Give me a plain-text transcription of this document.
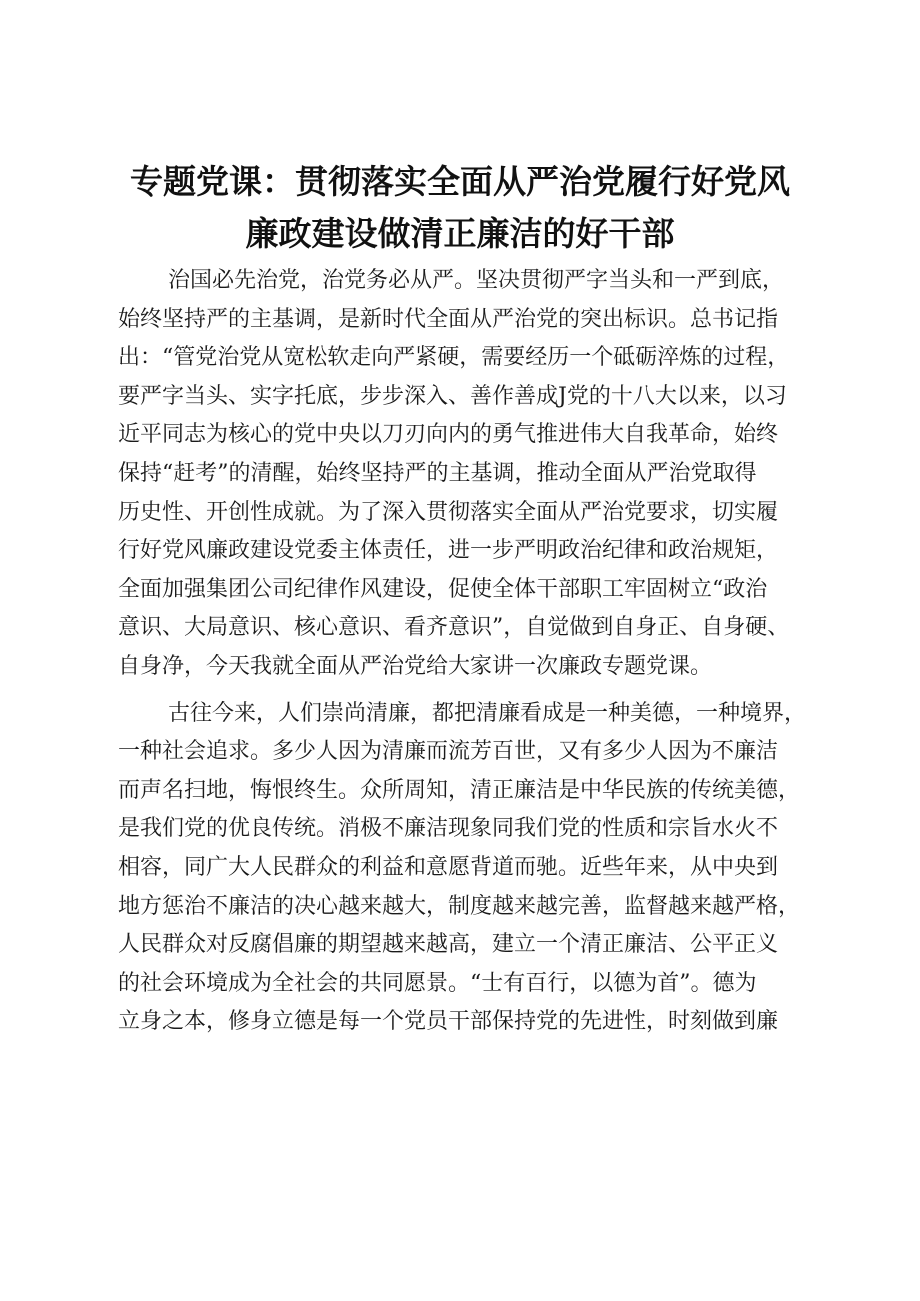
专题党课：贯彻落实全面从严治党履行好党风
廉政建设做清正廉洁的好干部

治国必先治党，治党务必从严。坚决贯彻严字当头和一严到底，
始终坚持严的主基调，是新时代全面从严治党的突出标识。总书记指
出：“管党治党从宽松软走向严紧硬，需要经历一个砥砺淬炼的过程，
要严字当头、实字托底，步步深入、善作善成J党的十八大以来，以习
近平同志为核心的党中央以刀刃向内的勇气推进伟大自我革命，始终
保持“赶考”的清醒，始终坚持严的主基调，推动全面从严治党取得
历史性、开创性成就。为了深入贯彻落实全面从严治党要求，切实履
行好党风廉政建设党委主体责任，进一步严明政治纪律和政治规矩，
全面加强集团公司纪律作风建设，促使全体干部职工牢固树立“政治
意识、大局意识、核心意识、看齐意识”，自觉做到自身正、自身硬、
自身净，今天我就全面从严治党给大家讲一次廉政专题党课。

古往今来，人们崇尚清廉，都把清廉看成是一种美德，一种境界，
一种社会追求。多少人因为清廉而流芳百世，又有多少人因为不廉洁
而声名扫地，悔恨终生。众所周知，清正廉洁是中华民族的传统美德，
是我们党的优良传统。消极不廉洁现象同我们党的性质和宗旨水火不
相容，同广大人民群众的利益和意愿背道而驰。近些年来，从中央到
地方惩治不廉洁的决心越来越大，制度越来越完善，监督越来越严格，
人民群众对反腐倡廉的期望越来越高，建立一个清正廉洁、公平正义
的社会环境成为全社会的共同愿景。“士有百行，以德为首”。德为
立身之本，修身立德是每一个党员干部保持党的先进性，时刻做到廉
